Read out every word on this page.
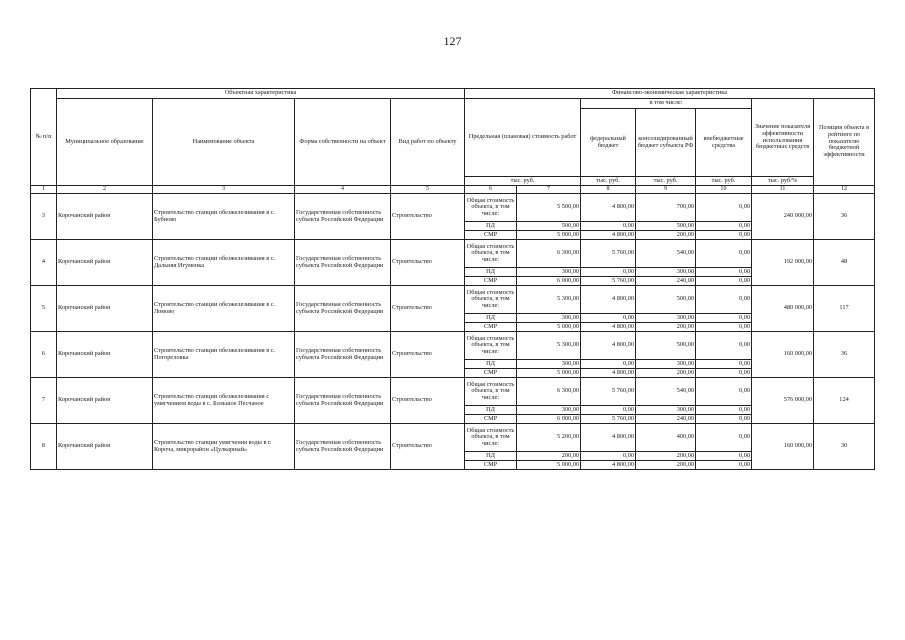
127
№ п/п	Объектная характеристика				Финансово-экономическая характеристика						
	Муниципальное образование	Наименование объекта	Форма собственности на объект	Вид работ по объекту	Предельная (плановая) стоимость работ		в том числе:			Значение показателя эффективности использования бюджетных средств	Позиция объекта в рейтинге по показателю бюджетной эффективности
							федеральный бюджет	консолидированный бюджет субъекта РФ	внебюджетные средства		
					тыс. руб.		тыс. руб.	тыс. руб.	тыс. руб.	тыс. руб/%	
1	2	3	4	5	6	7	8	9	10	11	12
3	Корочанский район	Строительство станции обезжелезивания в с. Бубново	Государственная собственность субъекта Российской Федерации	Строительство	Общая стоимость объекта, в том числе:	5 500,00	4 800,00	700,00	0,00	240 000,00	36
					ПД	500,00	0,00	500,00	0,00		
					СМР	5 000,00	4 800,00	200,00	0,00		
4	Корочанский район	Строительство станции обезжелезивания в с. Дальняя Игуменка	Государственная собственность субъекта Российской Федерации	Строительство	Общая стоимость объекта, в том числе:	6 300,00	5 760,00	540,00	0,00	192 000,00	48
					ПД	300,00	0,00	300,00	0,00		
					СМР	6 000,00	5 760,00	240,00	0,00		
5	Корочанский район	Строительство станции обезжелезивания в с. Ломово	Государственная собственность субъекта Российской Федерации	Строительство	Общая стоимость объекта, в том числе:	5 300,00	4 800,00	500,00	0,00	480 000,00	117
					ПД	300,00	0,00	300,00	0,00		
					СМР	5 000,00	4 800,00	200,00	0,00		
6	Корочанский район	Строительство станции обезжелезивания в с. Погореловка	Государственная собственность субъекта Российской Федерации	Строительство	Общая стоимость объекта, в том числе:	5 300,00	4 800,00	500,00	0,00	160 000,00	36
					ПД	300,00	0,00	300,00	0,00		
					СМР	5 000,00	4 800,00	200,00	0,00		
7	Корочанский район	Строительство станции обезжелезивания с умягчением воды в с. Большое Песчаное	Государственная собственность субъекта Российской Федерации	Строительство	Общая стоимость объекта, в том числе:	6 300,00	5 760,00	540,00	0,00	576 000,00	124
					ПД	300,00	0,00	300,00	0,00		
					СМР	6 000,00	5 760,00	240,00	0,00		
8	Корочанский район	Строительство станции умягчения воды в г. Короча, микрорайон «Цулкарный»	Государственная собственность субъекта Российской Федерации	Строительство	Общая стоимость объекта, в том числе:	5 200,00	4 800,00	400,00	0,00	160 000,00	30
					ПД	200,00	0,00	200,00	0,00		
					СМР	5 000,00	4 800,00	200,00	0,00		
